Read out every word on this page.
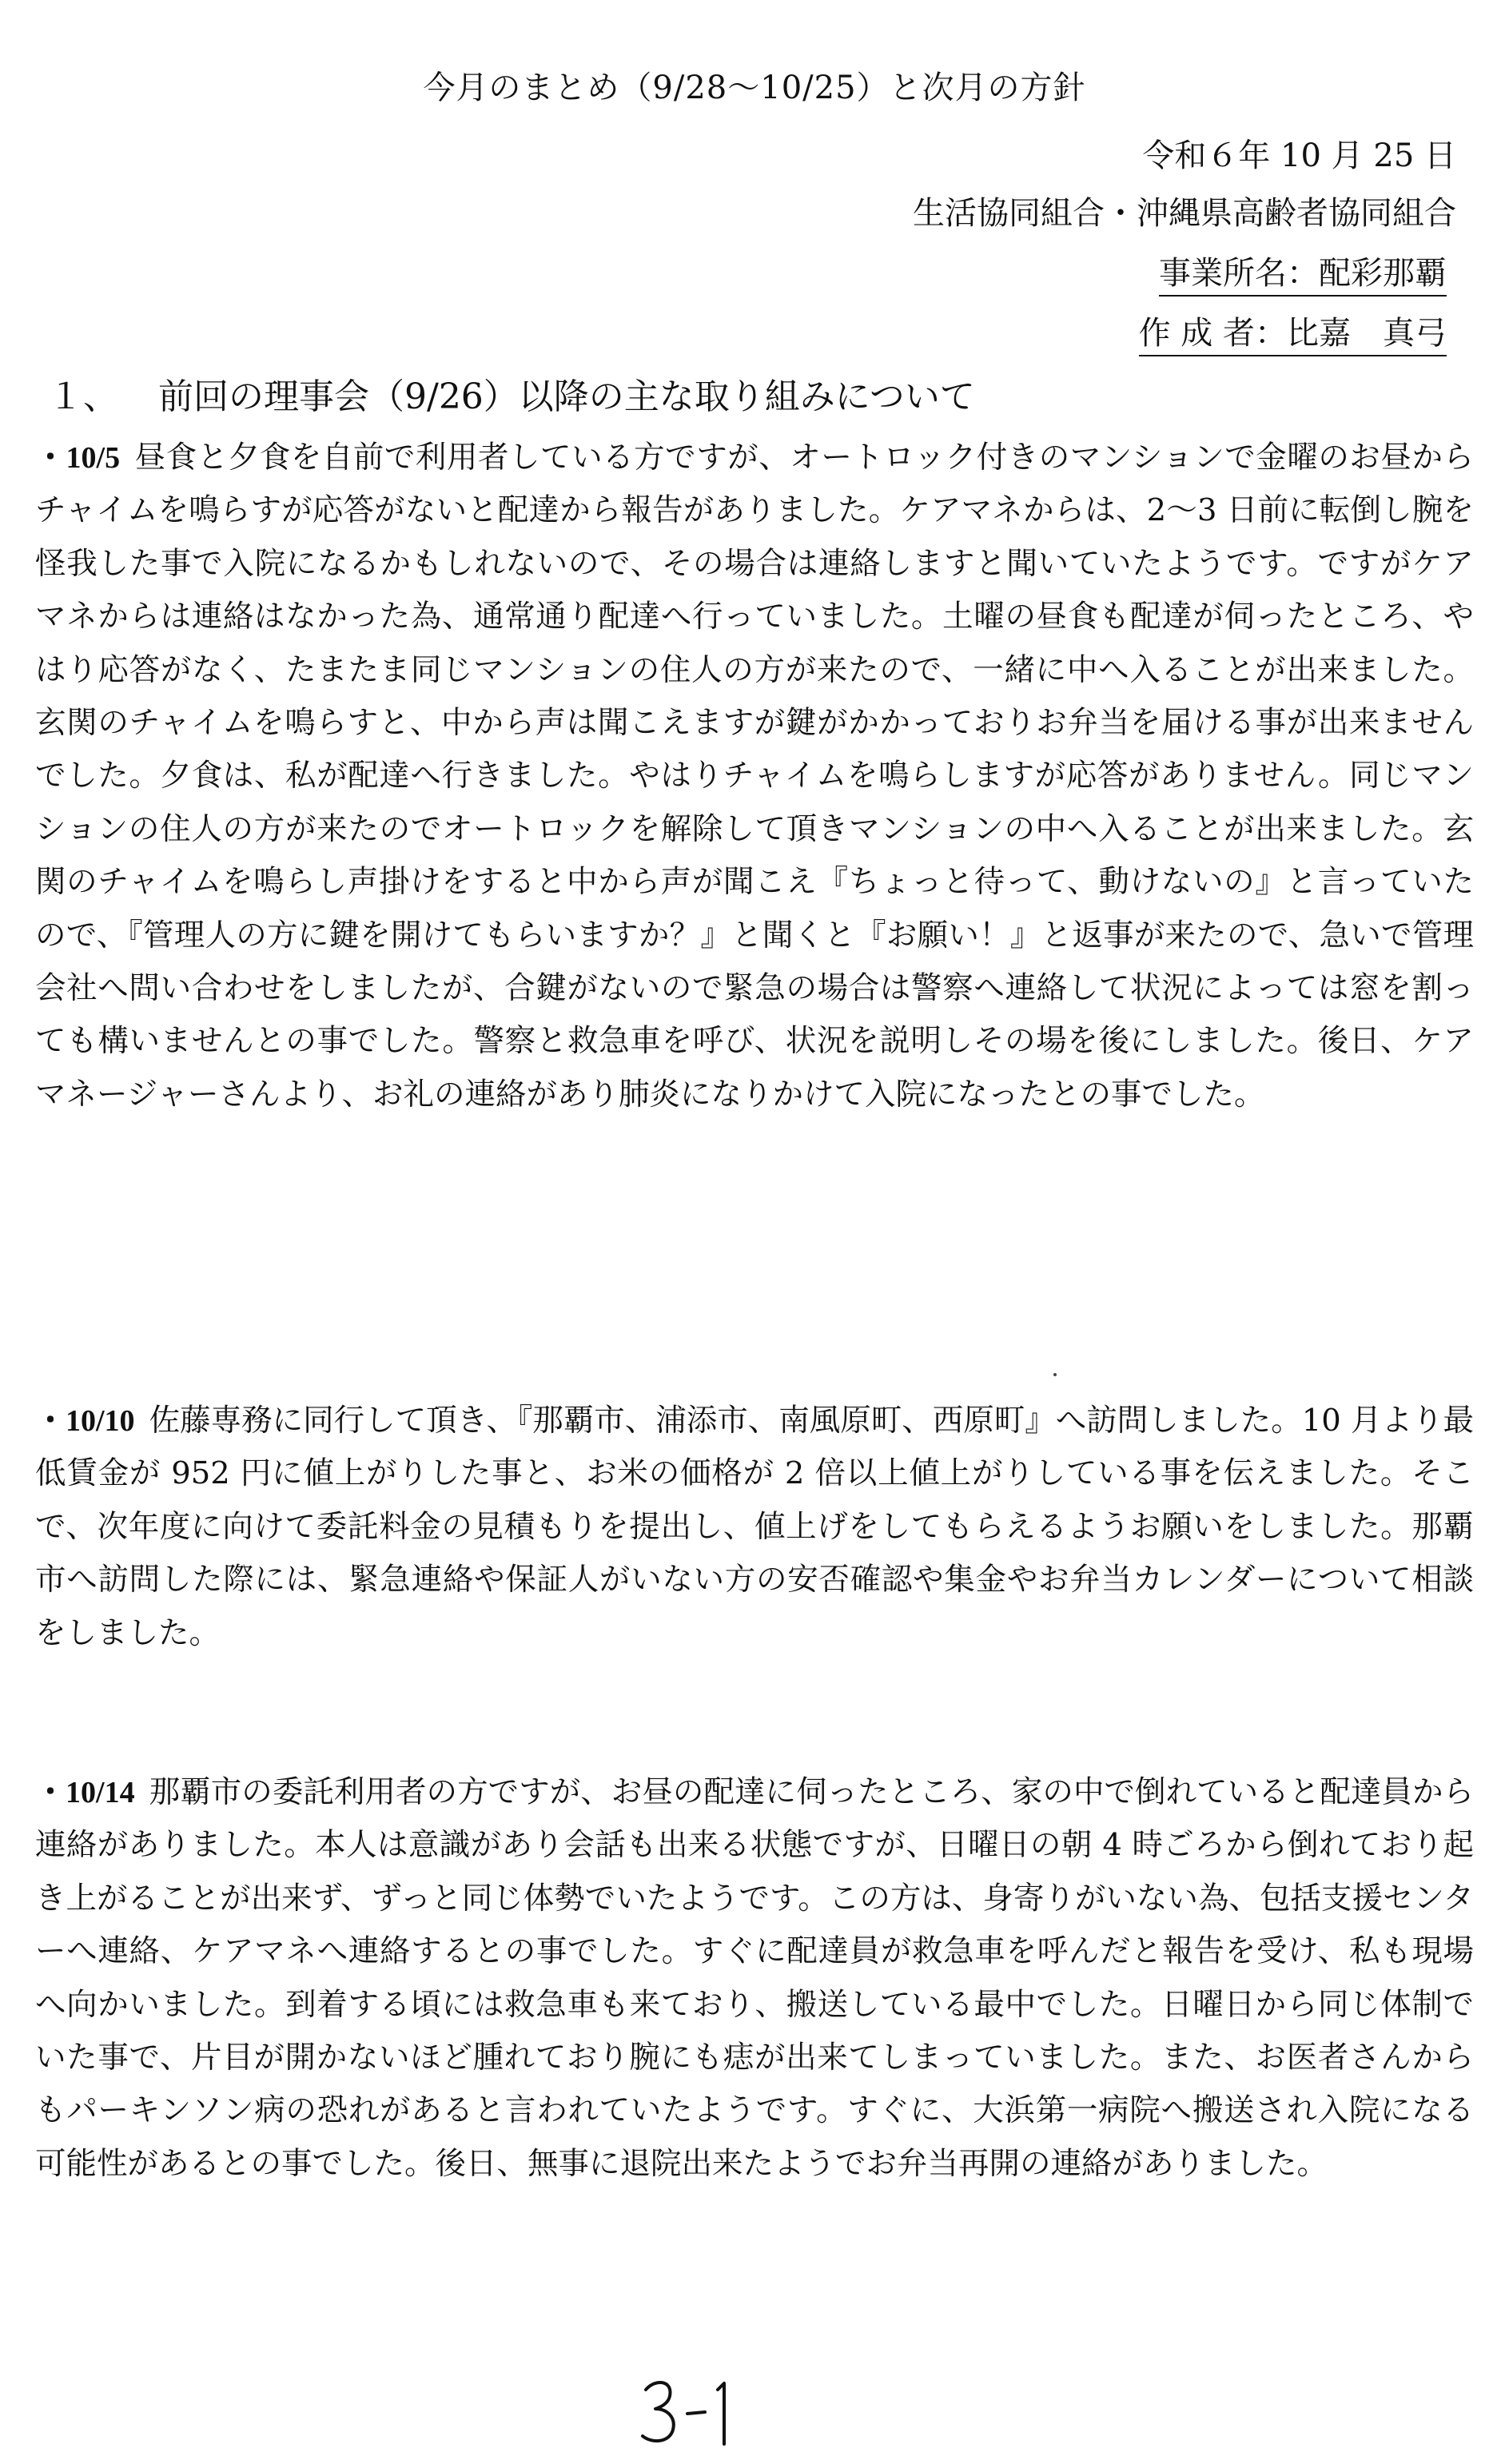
今月のまとめ（9/28～10/25）と次月の方針
令和６年 10 月 25 日
生活協同組合・沖縄県高齢者協同組合
事業所名：配彩那覇
作 成 者：比嘉　真弓
１、 前回の理事会（9/26）以降の主な取り組みについて
・10/5 昼食と夕食を自前で利用者している方ですが、オートロック付きのマンションで金曜のお昼からチャイムを鳴らすが応答がないと配達から報告がありました。ケアマネからは、2～3 日前に転倒し腕を怪我した事で入院になるかもしれないので、その場合は連絡しますと聞いていたようです。ですがケアマネからは連絡はなかった為、通常通り配達へ行っていました。土曜の昼食も配達が伺ったところ、やはり応答がなく、たまたま同じマンションの住人の方が来たので、一緒に中へ入ることが出来ました。玄関のチャイムを鳴らすと、中から声は聞こえますが鍵がかかっておりお弁当を届ける事が出来ませんでした。夕食は、私が配達へ行きました。やはりチャイムを鳴らしますが応答がありません。同じマンションの住人の方が来たのでオートロックを解除して頂きマンションの中へ入ることが出来ました。玄関のチャイムを鳴らし声掛けをすると中から声が聞こえ『ちょっと待って、動けないの』と言っていたので、『管理人の方に鍵を開けてもらいますか？』と聞くと『お願い！』と返事が来たので、急いで管理会社へ問い合わせをしましたが、合鍵がないので緊急の場合は警察へ連絡して状況によっては窓を割っても構いませんとの事でした。警察と救急車を呼び、状況を説明しその場を後にしました。後日、ケアマネージャーさんより、お礼の連絡があり肺炎になりかけて入院になったとの事でした。
・10/10 佐藤専務に同行して頂き、『那覇市、浦添市、南風原町、西原町』へ訪問しました。10 月より最低賃金が 952 円に値上がりした事と、お米の価格が 2 倍以上値上がりしている事を伝えました。そこで、次年度に向けて委託料金の見積もりを提出し、値上げをしてもらえるようお願いをしました。那覇市へ訪問した際には、緊急連絡や保証人がいない方の安否確認や集金やお弁当カレンダーについて相談をしました。
・10/14 那覇市の委託利用者の方ですが、お昼の配達に伺ったところ、家の中で倒れていると配達員から連絡がありました。本人は意識があり会話も出来る状態ですが、日曜日の朝 4 時ごろから倒れており起き上がることが出来ず、ずっと同じ体勢でいたようです。この方は、身寄りがいない為、包括支援センターへ連絡、ケアマネへ連絡するとの事でした。すぐに配達員が救急車を呼んだと報告を受け、私も現場へ向かいました。到着する頃には救急車も来ており、搬送している最中でした。日曜日から同じ体制でいた事で、片目が開かないほど腫れており腕にも痣が出来てしまっていました。また、お医者さんからもパーキンソン病の恐れがあると言われていたようです。すぐに、大浜第一病院へ搬送され入院になる可能性があるとの事でした。後日、無事に退院出来たようでお弁当再開の連絡がありました。
